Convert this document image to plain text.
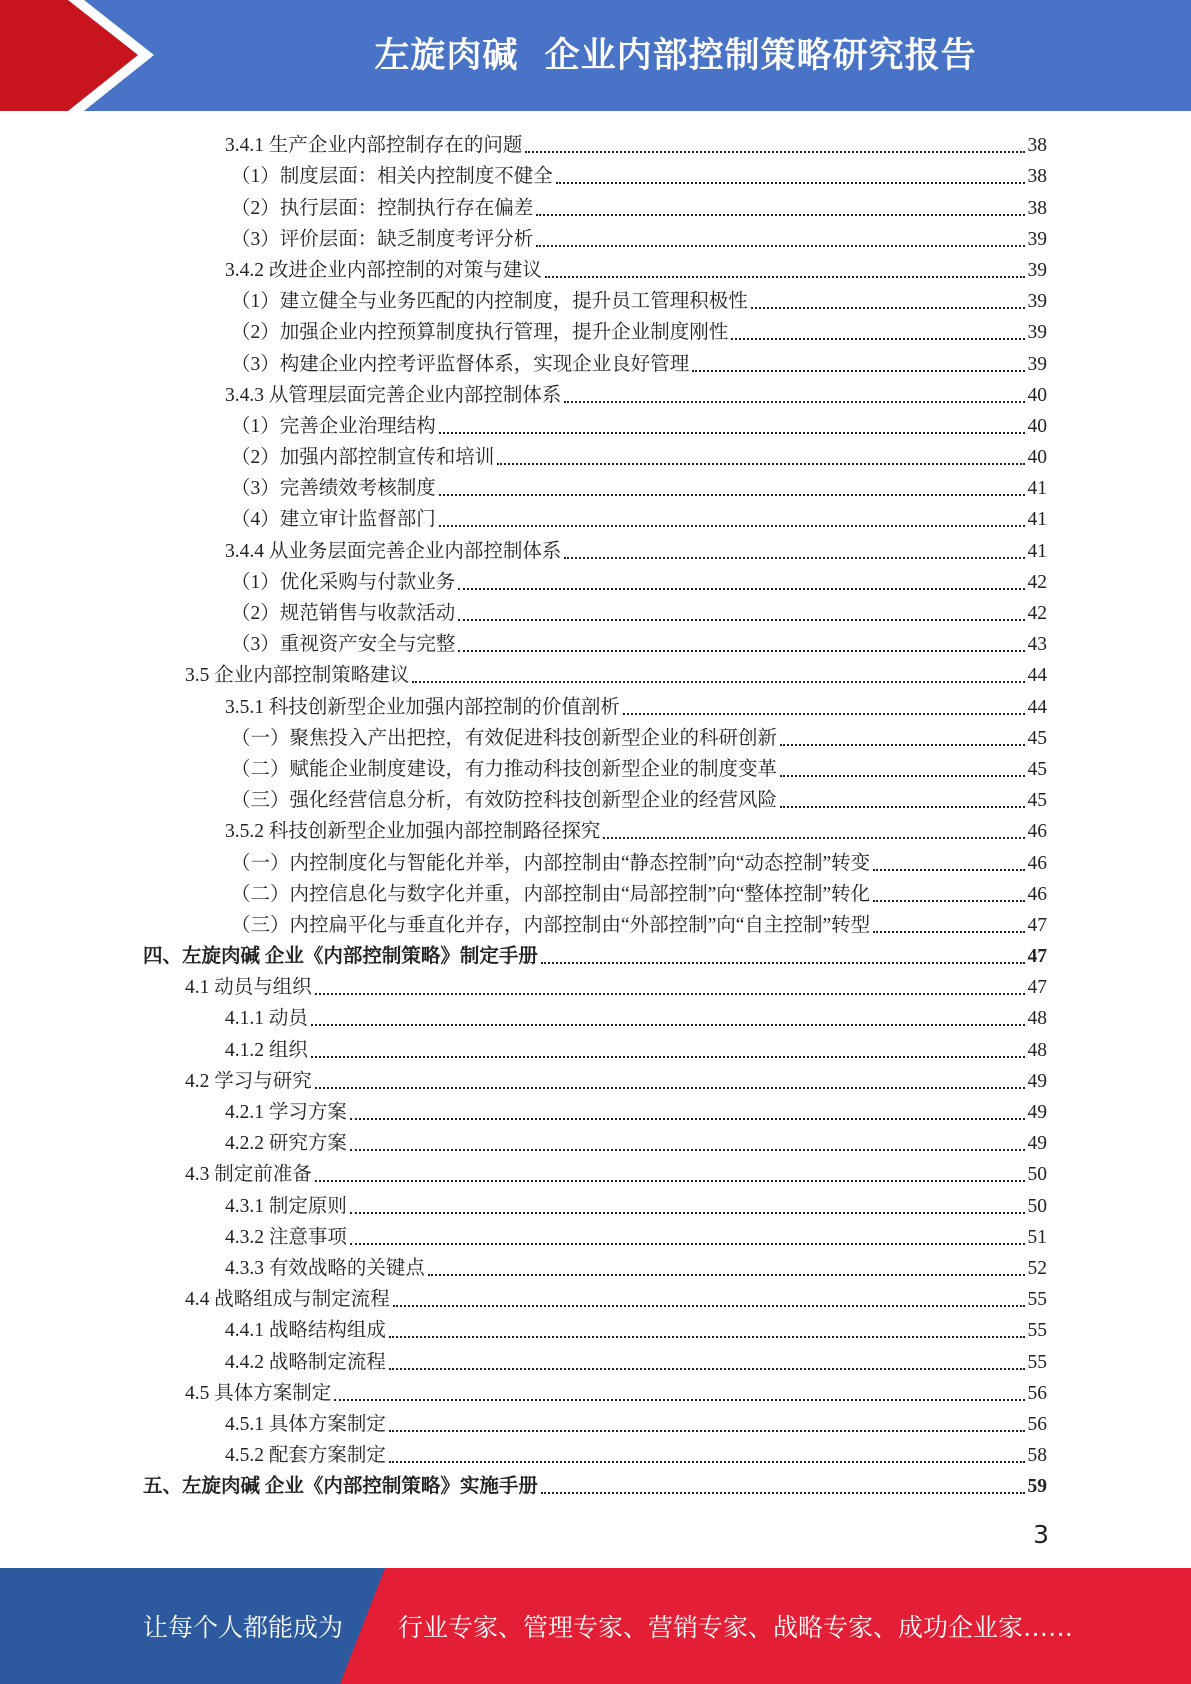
左旋肉碱  企业内部控制策略研究报告
3.4.1 生产企业内部控制存在的问题	38
（1）制度层面：相关内控制度不健全	38
（2）执行层面：控制执行存在偏差	38
（3）评价层面：缺乏制度考评分析	39
3.4.2 改进企业内部控制的对策与建议	39
（1）建立健全与业务匹配的内控制度，提升员工管理积极性	39
（2）加强企业内控预算制度执行管理，提升企业制度刚性	39
（3）构建企业内控考评监督体系，实现企业良好管理	39
3.4.3 从管理层面完善企业内部控制体系	40
（1）完善企业治理结构	40
（2）加强内部控制宣传和培训	40
（3）完善绩效考核制度	41
（4）建立审计监督部门	41
3.4.4 从业务层面完善企业内部控制体系	41
（1）优化采购与付款业务	42
（2）规范销售与收款活动	42
（3）重视资产安全与完整	43
3.5 企业内部控制策略建议	44
3.5.1 科技创新型企业加强内部控制的价值剖析	44
（一）聚焦投入产出把控，有效促进科技创新型企业的科研创新	45
（二）赋能企业制度建设，有力推动科技创新型企业的制度变革	45
（三）强化经营信息分析，有效防控科技创新型企业的经营风险	45
3.5.2 科技创新型企业加强内部控制路径探究	46
（一）内控制度化与智能化并举，内部控制由“静态控制”向“动态控制”转变	46
（二）内控信息化与数字化并重，内部控制由“局部控制”向“整体控制”转化	46
（三）内控扁平化与垂直化并存，内部控制由“外部控制”向“自主控制”转型	47
四、左旋肉碱 企业《内部控制策略》制定手册	47
4.1 动员与组织	47
4.1.1 动员	48
4.1.2 组织	48
4.2 学习与研究	49
4.2.1 学习方案	49
4.2.2 研究方案	49
4.3 制定前准备	50
4.3.1 制定原则	50
4.3.2 注意事项	51
4.3.3 有效战略的关键点	52
4.4 战略组成与制定流程	55
4.4.1 战略结构组成	55
4.4.2 战略制定流程	55
4.5 具体方案制定	56
4.5.1 具体方案制定	56
4.5.2 配套方案制定	58
五、左旋肉碱 企业《内部控制策略》实施手册	59
3
让每个人都能成为 行业专家、管理专家、营销专家、战略专家、成功企业家……
